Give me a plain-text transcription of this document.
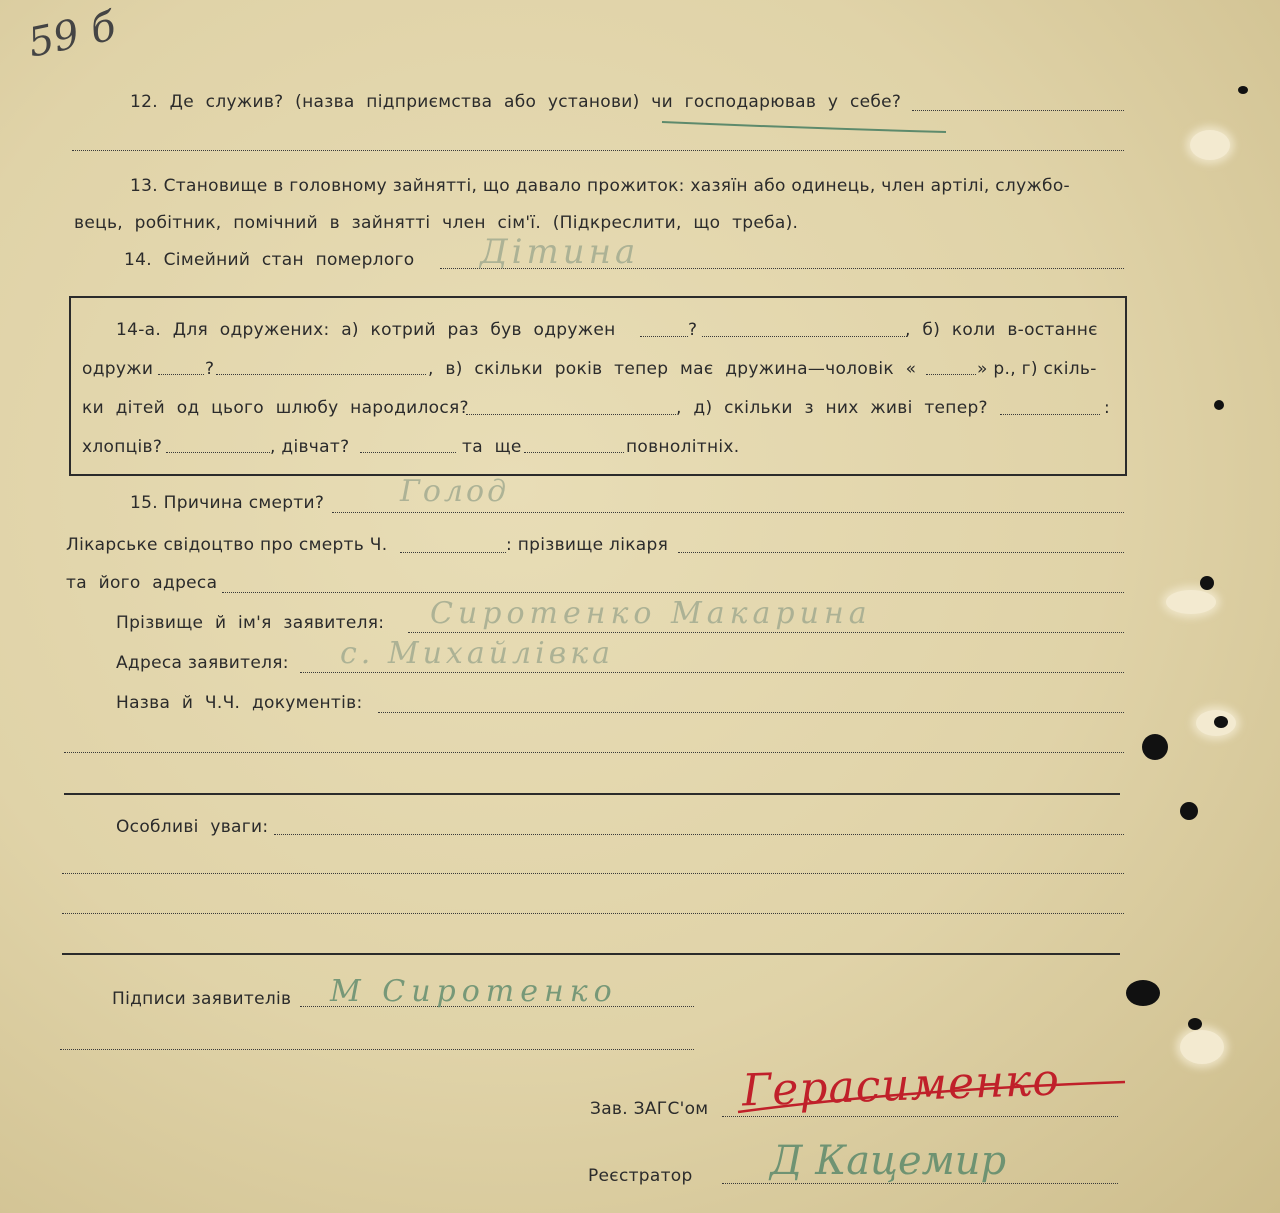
59 б
12. Де служив? (назва підприємства або установи) чи господарював у себе?
13. Становище в головному зайнятті, що давало прожиток: хазяїн або одинець, член артілі, службо-
вець, робітник, помічний в зайнятті член сім'ї. (Підкреслити, що треба).
14. Сімейний стан померлого Дітина
14-а. Для одружених: а) котрий раз був одружен	?	, б) коли в-останнє
одружи	?	, в) скільки років тепер має дружина—чоловік «	» р., г) скіль-
ки дітей од цього шлюбу народилося?	, д) скільки з них живі тепер?	:
хлопців?	, дівчат?	та ще	повнолітніх.
15. Причина смерти?	Голод
Лікарське свідоцтво про смерть Ч.	: прізвище лікаря
та його адреса
Прізвище й ім'я заявителя: Сиротенко Макарина
Адреса заявителя: с. Михайлівка
Назва й Ч.Ч. документів:
Особливі уваги:
Підписи заявителів М Сиротенко
Зав. ЗАГС'ом Герасименко
Реєстратор Д Кацемир
